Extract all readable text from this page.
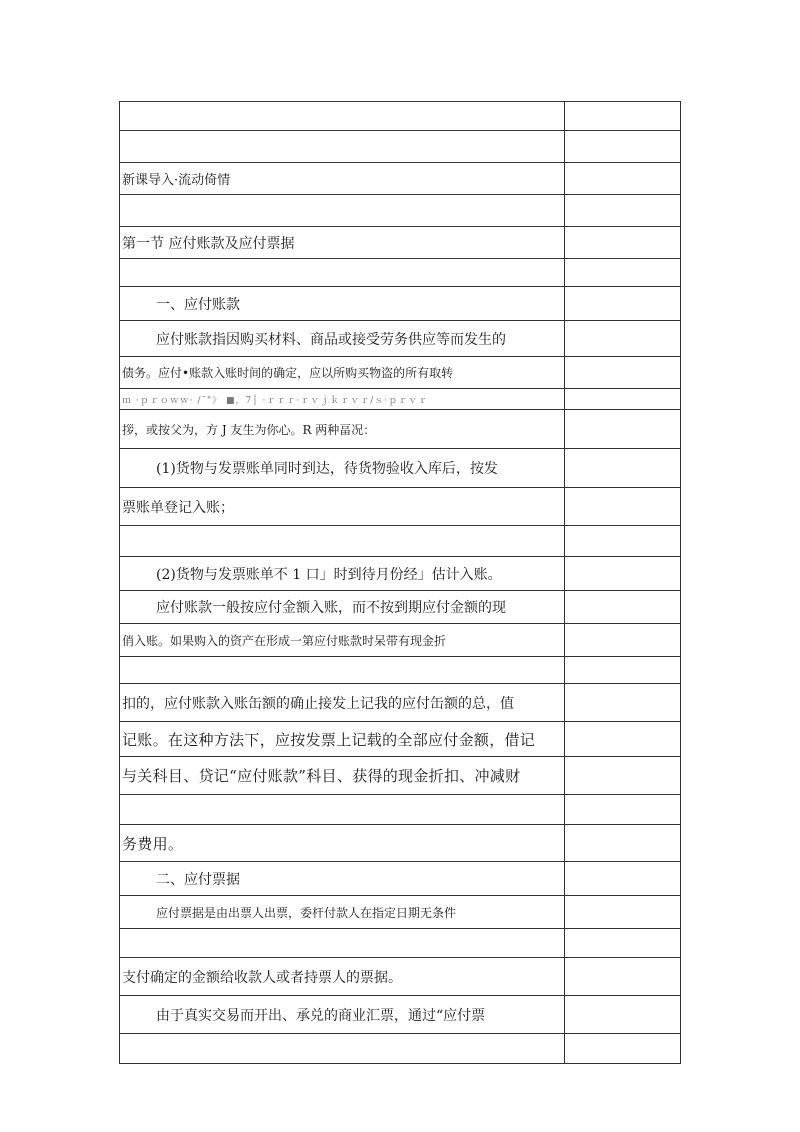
新课导入·流动倚情	

第一节 应付账款及应付票据	

一、应付账款	

应付账款指因购买材料、商品或接受劳务供应等而发生的	

债务。应付•账款入账时间的确定，应以所购买物盗的所有取转	

ｍ ·ｐｒｏｗｗ· /ˉ"》 ■，7│ ·ｒｒｒ·ｒｖｊｋｒｖｒ/ｓ·ｐｒｖｒ	

拶，或按父为，方 J 友生为你心。R 两种畐况：	

(1)货物与发票账单同时到达，待货物验收入库后，按发	

票账单登记入账；	

(2)货物与发票账单不 1 口」时到待月份经」估计入账。	

应付账款一般按应付金额入账，而不按到期应付金额的现	

俏入账。如果购入的资产在形成一第应付账款时呆带有现金折	

扣的，应付账款入账缶额的确止接发上记我的应付缶额的总，值	

记账。在这种方法下，应按发票上记载的全部应付金额，借记	

与关科目、贷记“应付账款”科目、获得的现金折扣、冲减财	

务费用。	

二、应付票据	

应付票据是由出票人出票，委杆付款人在指定日期无条件	

支付确定的金额给收款人或者持票人的票据。	

由于真实交易而开出、承兑的商业汇票，通过“应付票	
